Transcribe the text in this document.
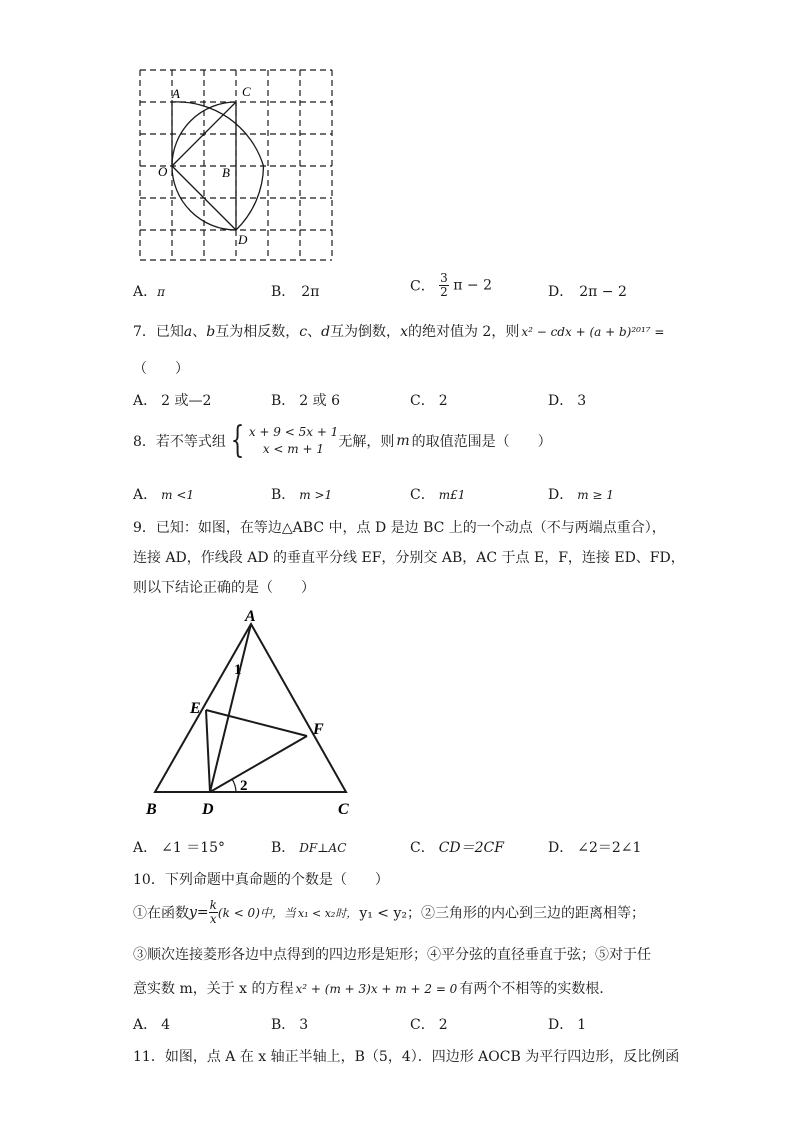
A	C
O	B
D
A．π	B． 2π	C． $\frac{3}{2}$ π − 2	D． 2π − 2
7．已知a、b互为相反数，c、d互为倒数，x的绝对值为 2，则 x² − cdx + (a + b)²⁰¹⁷ =
（　　）
A． 2 或—2	B． 2 或 6	C． 2	D． 3
8．若不等式组 { x + 9 < 5x + 1
x < m + 1	无解，则 m 的取值范围是（　　）
A． m <1	B． m >1	C． m£1	D． m ≥ 1
9．已知：如图，在等边△ABC 中，点 D 是边 BC 上的一个动点（不与两端点重合），
连接 AD，作线段 AD 的垂直平分线 EF，分别交 AB，AC 于点 E，F，连接 ED、FD，
则以下结论正确的是（　　）
A
E
F
B	D	C
1
2
A． ∠1 ＝15°	B． DF⊥AC	C． CD＝2CF	D． ∠2＝2∠1
10．下列命题中真命题的个数是（　　）
①在函数$y= \frac{k}{x} (k < 0)$中，当 x₁ < x₂时， y₁ < y₂；②三角形的内心到三边的距离相等；
③顺次连接菱形各边中点得到的四边形是矩形；④平分弦的直径垂直于弦；⑤对于任
意实数 m，关于 x 的方程 x² + (m + 3)x + m + 2 = 0 有两个不相等的实数根．
A． 4	B． 3	C． 2	D． 1
11．如图，点 A 在 x 轴正半轴上，B（5，4）．四边形 AOCB 为平行四边形，反比例函
